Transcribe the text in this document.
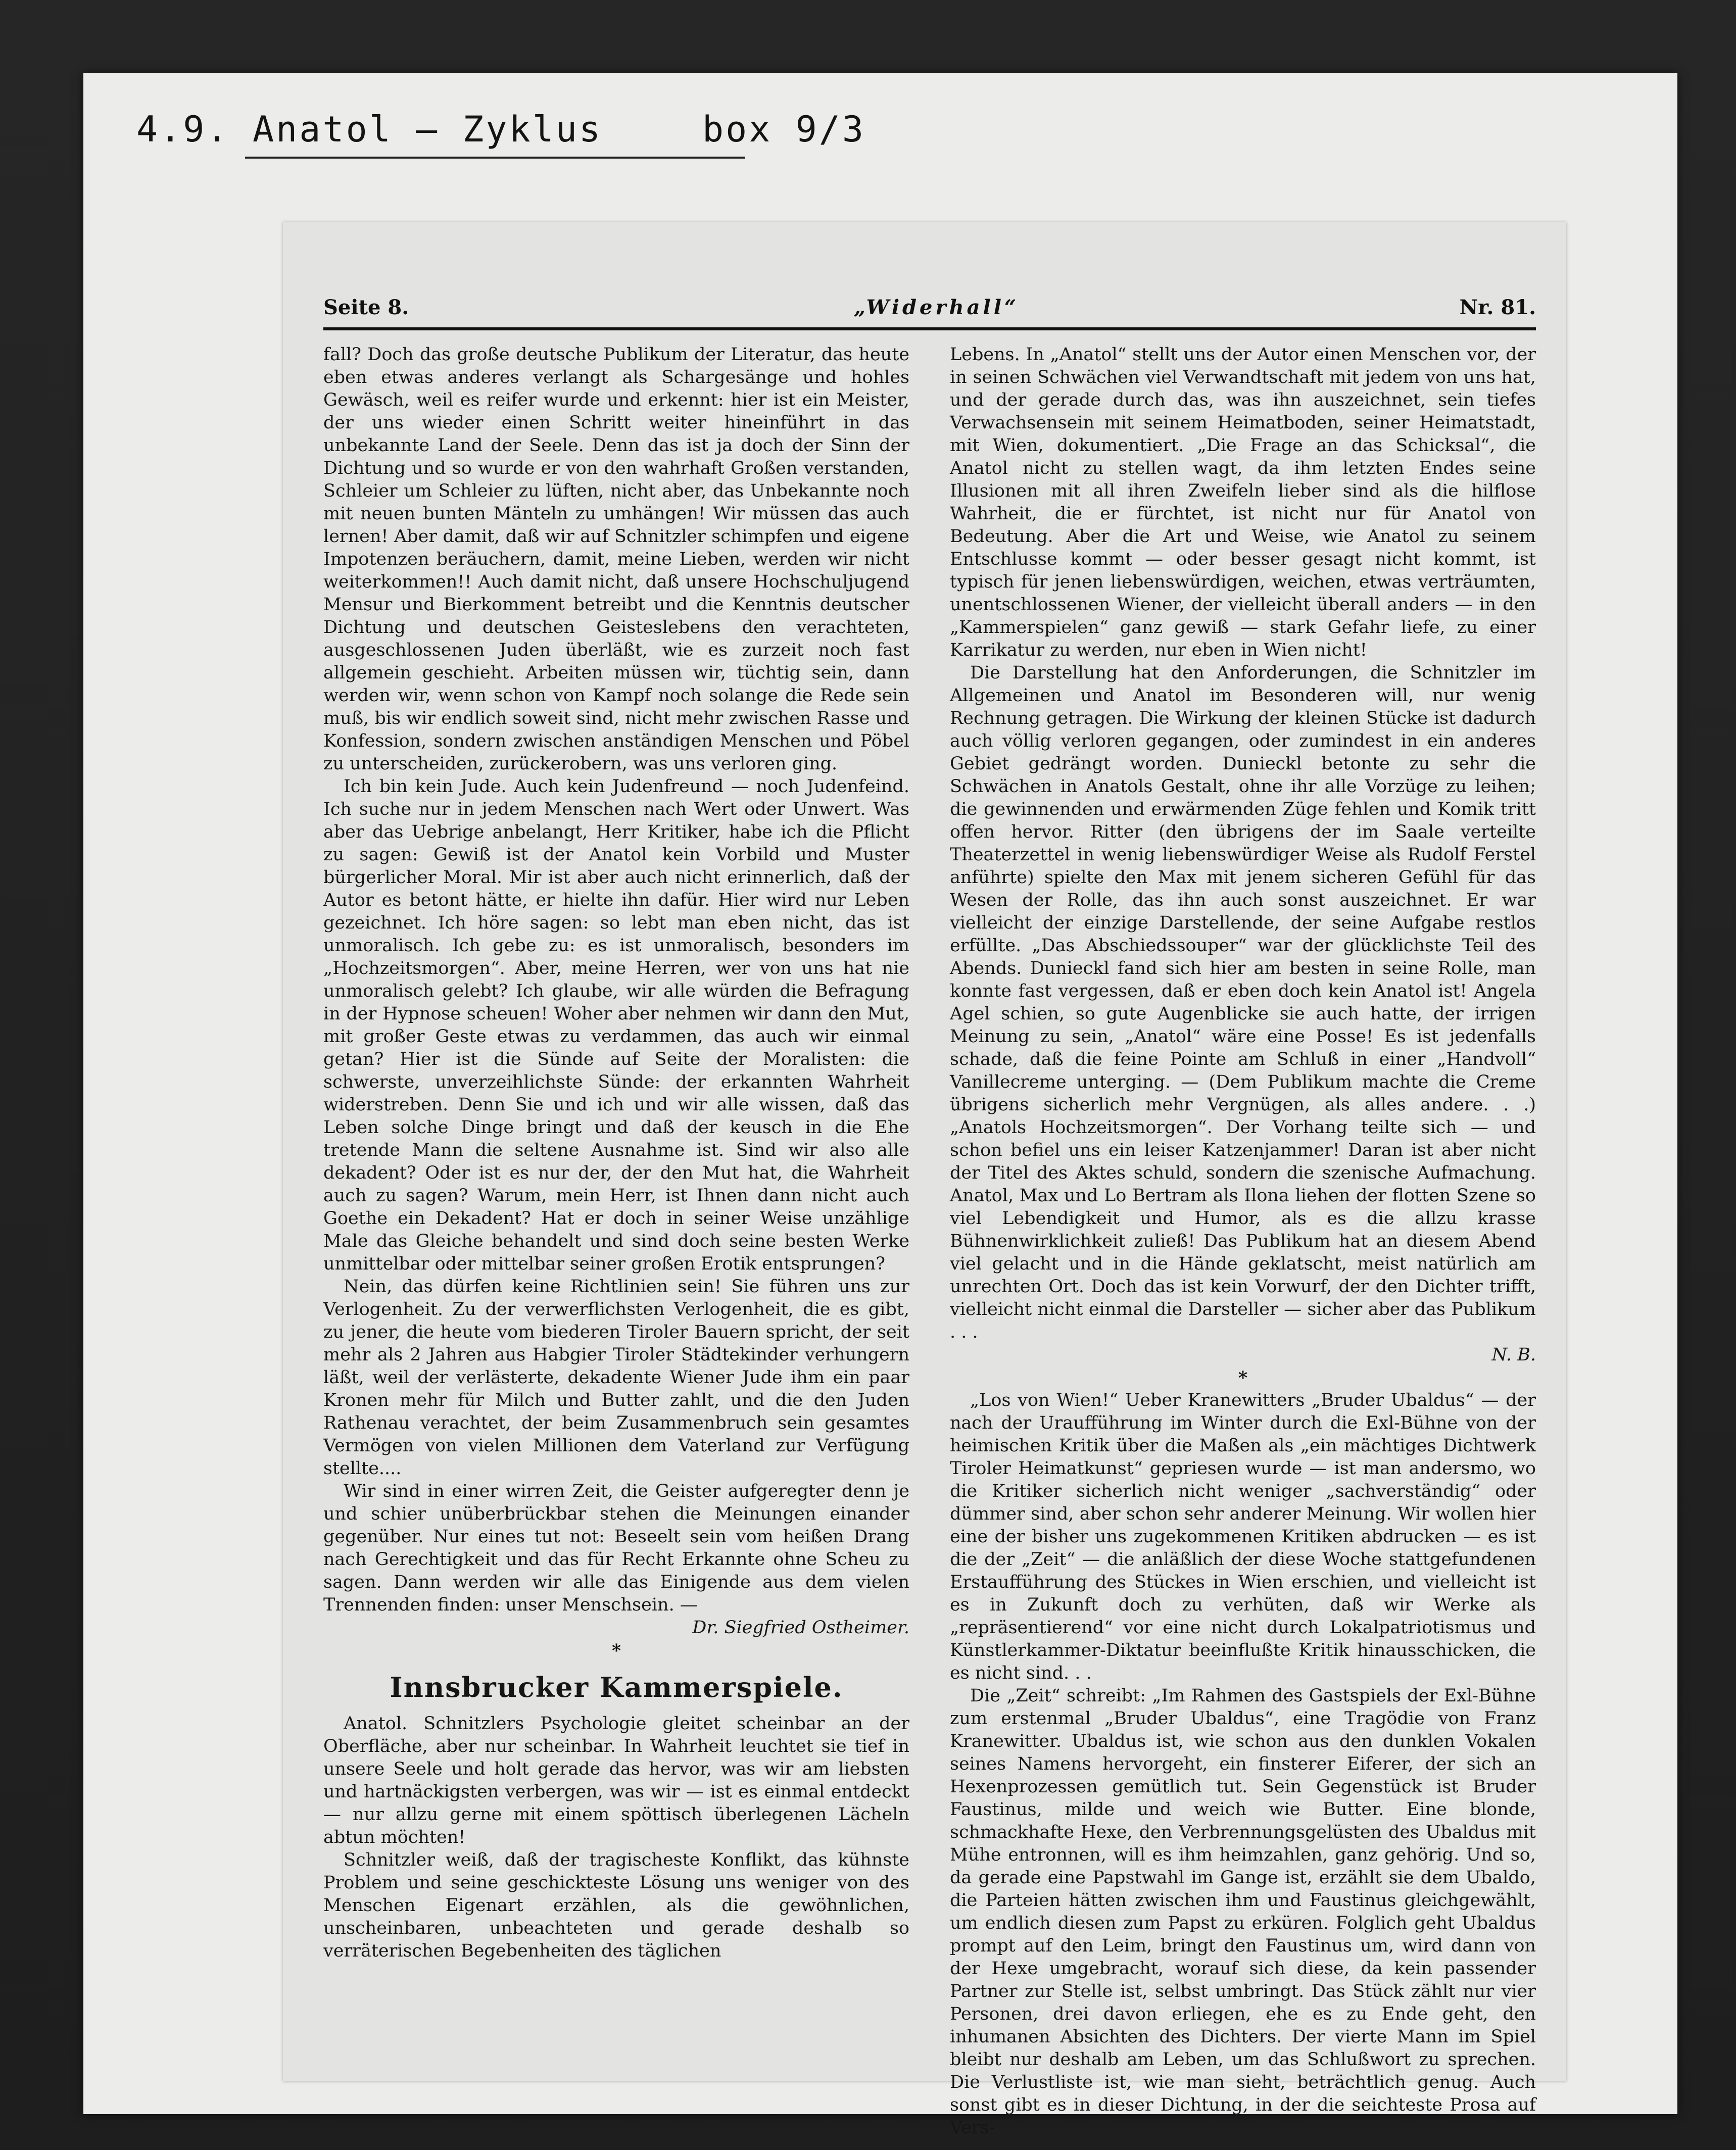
4.9. Anatol – Zyklus	box 9/3
Seite 8.	„Widerhall“	Nr. 81.

fall? Doch das große deutsche Publikum der Literatur, das heute eben etwas anderes verlangt als Schargesänge und hohles Gewäsch, weil es reifer wurde und erkennt: hier ist ein Meister, der uns wieder einen Schritt weiter hineinführt in das unbekannte Land der Seele. Denn das ist ja doch der Sinn der Dichtung und so wurde er von den wahrhaft Großen verstanden, Schleier um Schleier zu lüften, nicht aber, das Unbekannte noch mit neuen bunten Mänteln zu umhängen! Wir müssen das auch lernen! Aber damit, daß wir auf Schnitzler schimpfen und eigene Impotenzen beräuchern, damit, meine Lieben, werden wir nicht weiterkommen!! Auch damit nicht, daß unsere Hochschuljugend Mensur und Bierkomment betreibt und die Kenntnis deutscher Dichtung und deutschen Geisteslebens den verachteten, ausgeschlossenen Juden überläßt, wie es zurzeit noch fast allgemein geschieht. Arbeiten müssen wir, tüchtig sein, dann werden wir, wenn schon von Kampf noch solange die Rede sein muß, bis wir endlich soweit sind, nicht mehr zwischen Rasse und Konfession, sondern zwischen anständigen Menschen und Pöbel zu unterscheiden, zurückerobern, was uns verloren ging.

Ich bin kein Jude. Auch kein Judenfreund — noch Judenfeind. Ich suche nur in jedem Menschen nach Wert oder Unwert. Was aber das Uebrige anbelangt, Herr Kritiker, habe ich die Pflicht zu sagen: Gewiß ist der Anatol kein Vorbild und Muster bürgerlicher Moral. Mir ist aber auch nicht erinnerlich, daß der Autor es betont hätte, er hielte ihn dafür. Hier wird nur Leben gezeichnet. Ich höre sagen: so lebt man eben nicht, das ist unmoralisch. Ich gebe zu: es ist unmoralisch, besonders im „Hochzeitsmorgen“. Aber, meine Herren, wer von uns hat nie unmoralisch gelebt? Ich glaube, wir alle würden die Befragung in der Hypnose scheuen! Woher aber nehmen wir dann den Mut, mit großer Geste etwas zu verdammen, das auch wir einmal getan? Hier ist die Sünde auf Seite der Moralisten: die schwerste, unverzeihlichste Sünde: der erkannten Wahrheit widerstreben. Denn Sie und ich und wir alle wissen, daß das Leben solche Dinge bringt und daß der keusch in die Ehe tretende Mann die seltene Ausnahme ist. Sind wir also alle dekadent? Oder ist es nur der, der den Mut hat, die Wahrheit auch zu sagen? Warum, mein Herr, ist Ihnen dann nicht auch Goethe ein Dekadent? Hat er doch in seiner Weise unzählige Male das Gleiche behandelt und sind doch seine besten Werke unmittelbar oder mittelbar seiner großen Erotik entsprungen?

Nein, das dürfen keine Richtlinien sein! Sie führen uns zur Verlogenheit. Zu der verwerflichsten Verlogenheit, die es gibt, zu jener, die heute vom biederen Tiroler Bauern spricht, der seit mehr als 2 Jahren aus Habgier Tiroler Städtekinder verhungern läßt, weil der verlästerte, dekadente Wiener Jude ihm ein paar Kronen mehr für Milch und Butter zahlt, und die den Juden Rathenau verachtet, der beim Zusammenbruch sein gesamtes Vermögen von vielen Millionen dem Vaterland zur Verfügung stellte....

Wir sind in einer wirren Zeit, die Geister aufgeregter denn je und schier unüberbrückbar stehen die Meinungen einander gegenüber. Nur eines tut not: Beseelt sein vom heißen Drang nach Gerechtigkeit und das für Recht Erkannte ohne Scheu zu sagen. Dann werden wir alle das Einigende aus dem vielen Trennenden finden: unser Menschsein. —

Dr. Siegfried Ostheimer.
*
Innsbrucker Kammerspiele.

Anatol. Schnitzlers Psychologie gleitet scheinbar an der Oberfläche, aber nur scheinbar. In Wahrheit leuchtet sie tief in unsere Seele und holt gerade das hervor, was wir am liebsten und hartnäckigsten verbergen, was wir — ist es einmal entdeckt — nur allzu gerne mit einem spöttisch überlegenen Lächeln abtun möchten!

Schnitzler weiß, daß der tragischeste Konflikt, das kühnste Problem und seine geschickteste Lösung uns weniger von des Menschen Eigenart erzählen, als die gewöhnlichen, unscheinbaren, unbeachteten und gerade deshalb so verräterischen Begebenheiten des täglichen

Lebens. In „Anatol“ stellt uns der Autor einen Menschen vor, der in seinen Schwächen viel Verwandtschaft mit jedem von uns hat, und der gerade durch das, was ihn auszeichnet, sein tiefes Verwachsensein mit seinem Heimatboden, seiner Heimatstadt, mit Wien, dokumentiert. „Die Frage an das Schicksal“, die Anatol nicht zu stellen wagt, da ihm letzten Endes seine Illusionen mit all ihren Zweifeln lieber sind als die hilflose Wahrheit, die er fürchtet, ist nicht nur für Anatol von Bedeutung. Aber die Art und Weise, wie Anatol zu seinem Entschlusse kommt — oder besser gesagt nicht kommt, ist typisch für jenen liebenswürdigen, weichen, etwas verträumten, unentschlossenen Wiener, der vielleicht überall anders — in den „Kammerspielen“ ganz gewiß — stark Gefahr liefe, zu einer Karrikatur zu werden, nur eben in Wien nicht!

Die Darstellung hat den Anforderungen, die Schnitzler im Allgemeinen und Anatol im Besonderen will, nur wenig Rechnung getragen. Die Wirkung der kleinen Stücke ist dadurch auch völlig verloren gegangen, oder zumindest in ein anderes Gebiet gedrängt worden. Dunieckl betonte zu sehr die Schwächen in Anatols Gestalt, ohne ihr alle Vorzüge zu leihen; die gewinnenden und erwärmenden Züge fehlen und Komik tritt offen hervor. Ritter (den übrigens der im Saale verteilte Theaterzettel in wenig liebenswürdiger Weise als Rudolf Ferstel anführte) spielte den Max mit jenem sicheren Gefühl für das Wesen der Rolle, das ihn auch sonst auszeichnet. Er war vielleicht der einzige Darstellende, der seine Aufgabe restlos erfüllte. „Das Abschiedssouper“ war der glücklichste Teil des Abends. Dunieckl fand sich hier am besten in seine Rolle, man konnte fast vergessen, daß er eben doch kein Anatol ist! Angela Agel schien, so gute Augenblicke sie auch hatte, der irrigen Meinung zu sein, „Anatol“ wäre eine Posse! Es ist jedenfalls schade, daß die feine Pointe am Schluß in einer „Handvoll“ Vanillecreme unterging. — (Dem Publikum machte die Creme übrigens sicherlich mehr Vergnügen, als alles andere. . .) „Anatols Hochzeitsmorgen“. Der Vorhang teilte sich — und schon befiel uns ein leiser Katzenjammer! Daran ist aber nicht der Titel des Aktes schuld, sondern die szenische Aufmachung. Anatol, Max und Lo Bertram als Ilona liehen der flotten Szene so viel Lebendigkeit und Humor, als es die allzu krasse Bühnenwirklichkeit zuließ! Das Publikum hat an diesem Abend viel gelacht und in die Hände geklatscht, meist natürlich am unrechten Ort. Doch das ist kein Vorwurf, der den Dichter trifft, vielleicht nicht einmal die Darsteller — sicher aber das Publikum . . .

N. B.
*

„Los von Wien!“ Ueber Kranewitters „Bruder Ubaldus“ — der nach der Uraufführung im Winter durch die Exl-Bühne von der heimischen Kritik über die Maßen als „ein mächtiges Dichtwerk Tiroler Heimatkunst“ gepriesen wurde — ist man andersmo, wo die Kritiker sicherlich nicht weniger „sachverständig“ oder dümmer sind, aber schon sehr anderer Meinung. Wir wollen hier eine der bisher uns zugekommenen Kritiken abdrucken — es ist die der „Zeit“ — die anläßlich der diese Woche stattgefundenen Erstaufführung des Stückes in Wien erschien, und vielleicht ist es in Zukunft doch zu verhüten, daß wir Werke als „repräsentierend“ vor eine nicht durch Lokalpatriotismus und Künstlerkammer-Diktatur beeinflußte Kritik hinausschicken, die es nicht sind. . .

Die „Zeit“ schreibt: „Im Rahmen des Gastspiels der Exl-Bühne zum erstenmal „Bruder Ubaldus“, eine Tragödie von Franz Kranewitter. Ubaldus ist, wie schon aus den dunklen Vokalen seines Namens hervorgeht, ein finsterer Eiferer, der sich an Hexenprozessen gemütlich tut. Sein Gegenstück ist Bruder Faustinus, milde und weich wie Butter. Eine blonde, schmackhafte Hexe, den Verbrennungsgelüsten des Ubaldus mit Mühe entronnen, will es ihm heimzahlen, ganz gehörig. Und so, da gerade eine Papstwahl im Gange ist, erzählt sie dem Ubaldo, die Parteien hätten zwischen ihm und Faustinus gleichgewählt, um endlich diesen zum Papst zu erküren. Folglich geht Ubaldus prompt auf den Leim, bringt den Faustinus um, wird dann von der Hexe umgebracht, worauf sich diese, da kein passender Partner zur Stelle ist, selbst umbringt. Das Stück zählt nur vier Personen, drei davon erliegen, ehe es zu Ende geht, den inhumanen Absichten des Dichters. Der vierte Mann im Spiel bleibt nur deshalb am Leben, um das Schlußwort zu sprechen. Die Verlustliste ist, wie man sieht, beträchtlich genug. Auch sonst gibt es in dieser Dichtung, in der die seichteste Prosa auf Vers-
